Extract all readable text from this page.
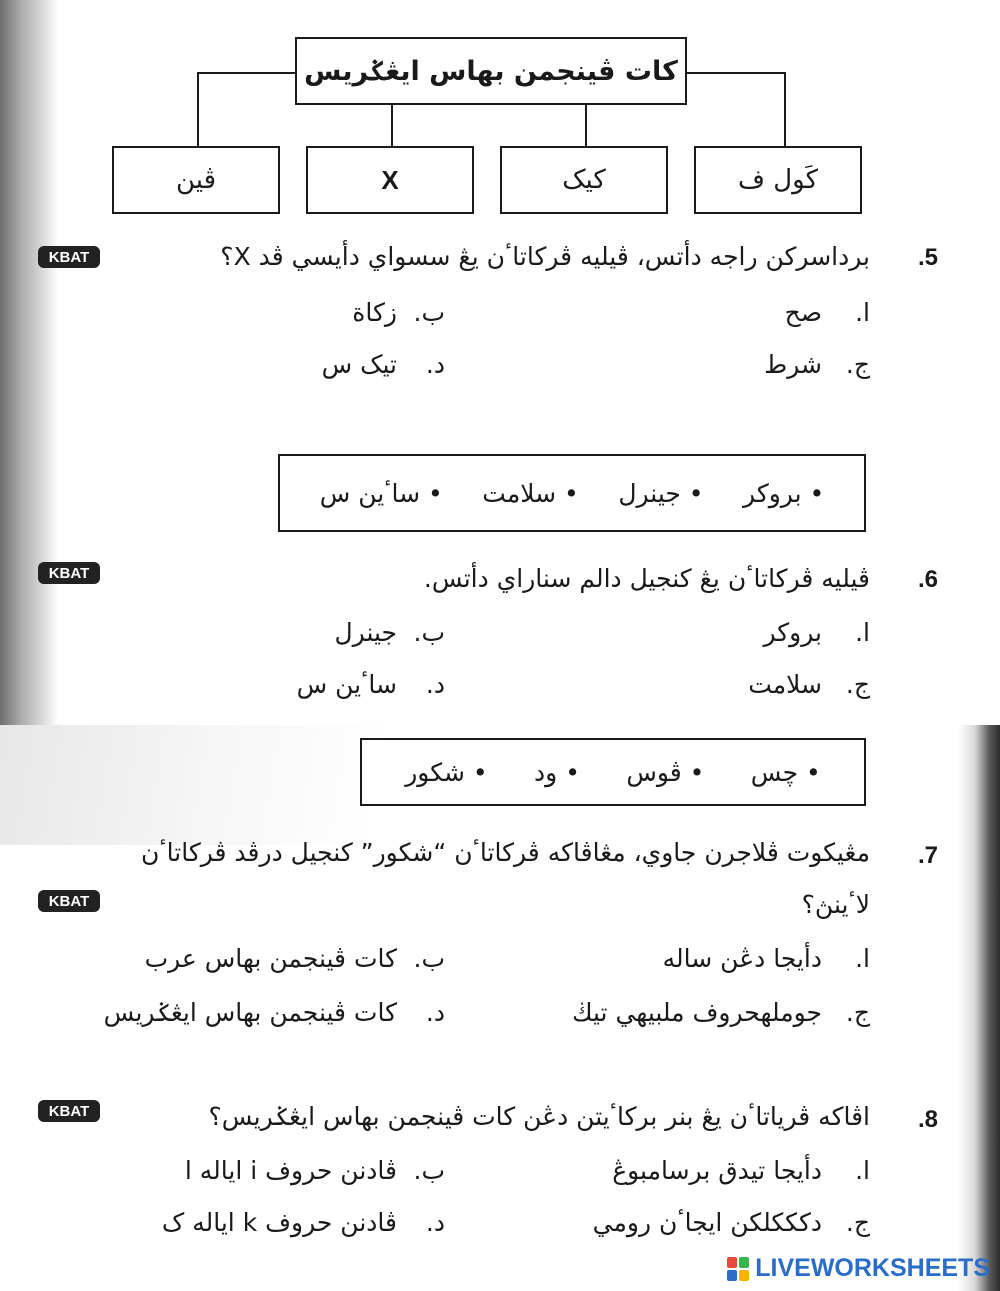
كات ڤينجمن بهاس ايڠݢريس
كَول ف
كيک
X
ڤين
.5
برداسركن راجه دأتس، ڤيليه ڤركاتاٴن يڠ سسواي دأيسي ڤد X؟
KBAT
ا.صح
ب.زكاة
ج.شرط
د.تيک س
• بروكر
• جينرل
• سلامت
• ساٴين س
.6
ڤيليه ڤركاتاٴن يڠ كنجيل دالم سناراي دأتس.
KBAT
ا.بروكر
ب.جينرل
ج.سلامت
د.ساٴين س
• چس
• ڤوس
• ود
• شكور
.7
مڠيكوت ڤلاجرن جاوي، مڠاڤاكه ڤركاتاٴن “شكور” كنجيل درڤد ڤركاتاٴن
لاٴينڽ؟
KBAT
ا.دأيجا دڠن ساله
ب.كات ڤينجمن بهاس عرب
ج.جوملهحروف ملبيهي تيڬ
د.كات ڤينجمن بهاس ايڠݢريس
.8
اڤاكه ڤرياتاٴن يڠ بنر بركاٴيتن دڠن كات ڤينجمن بهاس ايڠݢريس؟
KBAT
ا.دأيجا تيدق برسامبوڠ
ب.ڤادنن حروف i اياله ا
ج.دكككلكن ايجاٴن رومي
د.ڤادنن حروف k اياله ک
LIVEWORKSHEETS
